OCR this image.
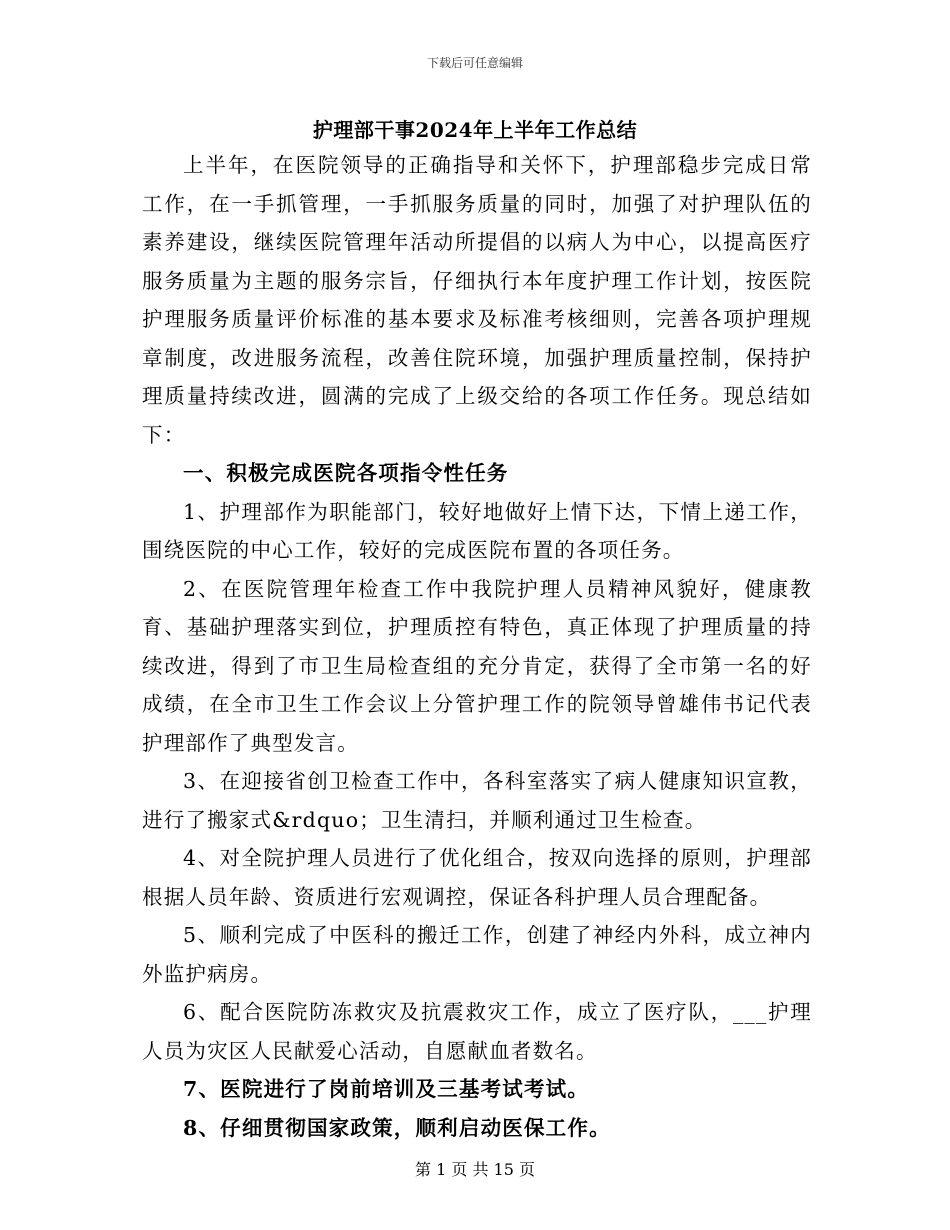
下载后可任意编辑
护理部干事2024年上半年工作总结

上半年，在医院领导的正确指导和关怀下，护理部稳步完成日常工作，在一手抓管理，一手抓服务质量的同时，加强了对护理队伍的素养建设，继续医院管理年活动所提倡的以病人为中心，以提高医疗服务质量为主题的服务宗旨，仔细执行本年度护理工作计划，按医院护理服务质量评价标准的基本要求及标准考核细则，完善各项护理规章制度，改进服务流程，改善住院环境，加强护理质量控制，保持护理质量持续改进，圆满的完成了上级交给的各项工作任务。现总结如下：

一、积极完成医院各项指令性任务

1、护理部作为职能部门，较好地做好上情下达，下情上递工作，围绕医院的中心工作，较好的完成医院布置的各项任务。

2、在医院管理年检查工作中我院护理人员精神风貌好，健康教育、基础护理落实到位，护理质控有特色，真正体现了护理质量的持续改进，得到了市卫生局检查组的充分肯定，获得了全市第一名的好成绩，在全市卫生工作会议上分管护理工作的院领导曾雄伟书记代表护理部作了典型发言。

3、在迎接省创卫检查工作中，各科室落实了病人健康知识宣教，进行了搬家式&rdquo；卫生清扫，并顺利通过卫生检查。

4、对全院护理人员进行了优化组合，按双向选择的原则，护理部根据人员年龄、资质进行宏观调控，保证各科护理人员合理配备。

5、顺利完成了中医科的搬迁工作，创建了神经内外科，成立神内外监护病房。

6、配合医院防冻救灾及抗震救灾工作，成立了医疗队，___护理人员为灾区人民献爱心活动，自愿献血者数名。

7、医院进行了岗前培训及三基考试考试。

8、仔细贯彻国家政策，顺利启动医保工作。

第 1 页 共 15 页
